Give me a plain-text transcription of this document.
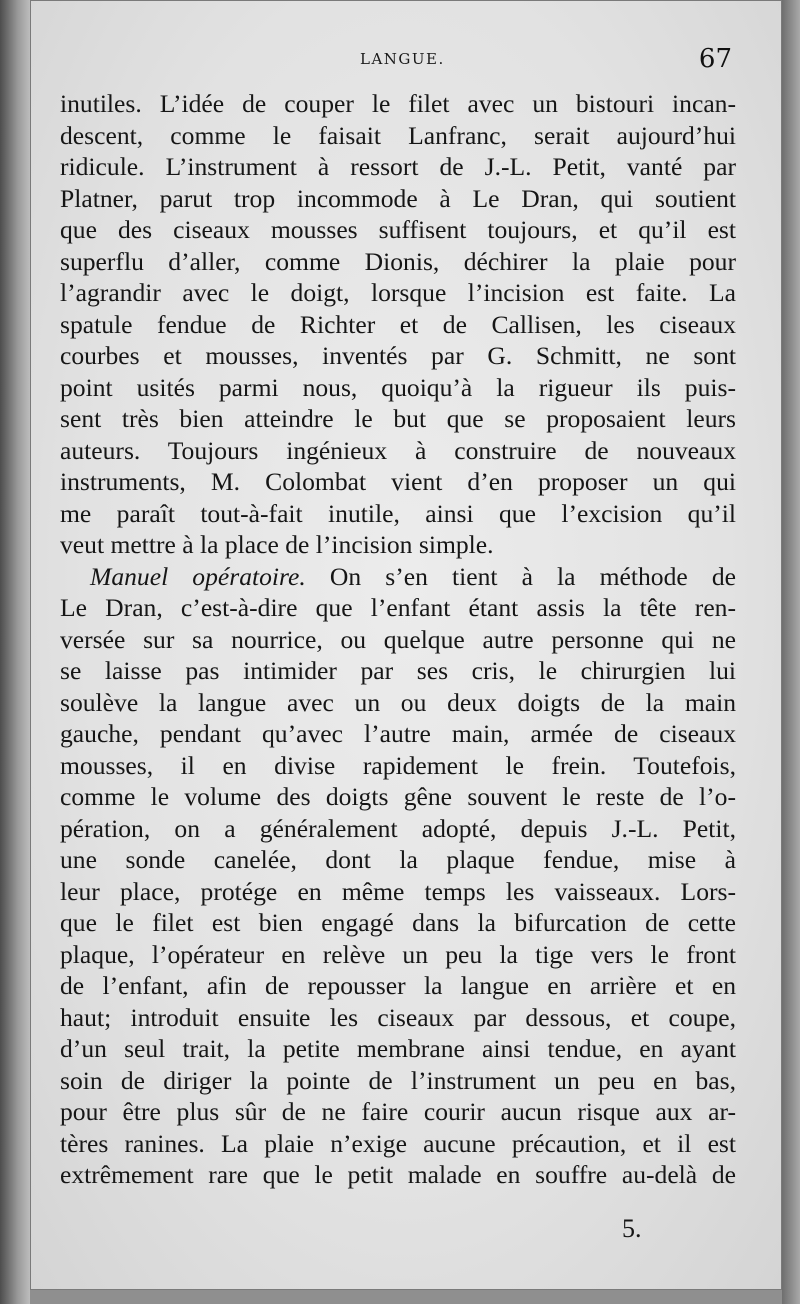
LANGUE.	67
inutiles. L’idée de couper le filet avec un bistouri incan-
descent, comme le faisait Lanfranc, serait aujourd’hui
ridicule. L’instrument à ressort de J.-L. Petit, vanté par
Platner, parut trop incommode à Le Dran, qui soutient
que des ciseaux mousses suffisent toujours, et qu’il est
superflu d’aller, comme Dionis, déchirer la plaie pour
l’agrandir avec le doigt, lorsque l’incision est faite. La
spatule fendue de Richter et de Callisen, les ciseaux
courbes et mousses, inventés par G. Schmitt, ne sont
point usités parmi nous, quoiqu’à la rigueur ils puis-
sent très bien atteindre le but que se proposaient leurs
auteurs. Toujours ingénieux à construire de nouveaux
instruments, M. Colombat vient d’en proposer un qui
me paraît tout-à-fait inutile, ainsi que l’excision qu’il
veut mettre à la place de l’incision simple.
Manuel opératoire. On s’en tient à la méthode de
Le Dran, c’est-à-dire que l’enfant étant assis la tête ren-
versée sur sa nourrice, ou quelque autre personne qui ne
se laisse pas intimider par ses cris, le chirurgien lui
soulève la langue avec un ou deux doigts de la main
gauche, pendant qu’avec l’autre main, armée de ciseaux
mousses, il en divise rapidement le frein. Toutefois,
comme le volume des doigts gêne souvent le reste de l’o-
pération, on a généralement adopté, depuis J.-L. Petit,
une sonde canelée, dont la plaque fendue, mise à
leur place, protége en même temps les vaisseaux. Lors-
que le filet est bien engagé dans la bifurcation de cette
plaque, l’opérateur en relève un peu la tige vers le front
de l’enfant, afin de repousser la langue en arrière et en
haut; introduit ensuite les ciseaux par dessous, et coupe,
d’un seul trait, la petite membrane ainsi tendue, en ayant
soin de diriger la pointe de l’instrument un peu en bas,
pour être plus sûr de ne faire courir aucun risque aux ar-
tères ranines. La plaie n’exige aucune précaution, et il est
extrêmement rare que le petit malade en souffre au-delà de
5.
